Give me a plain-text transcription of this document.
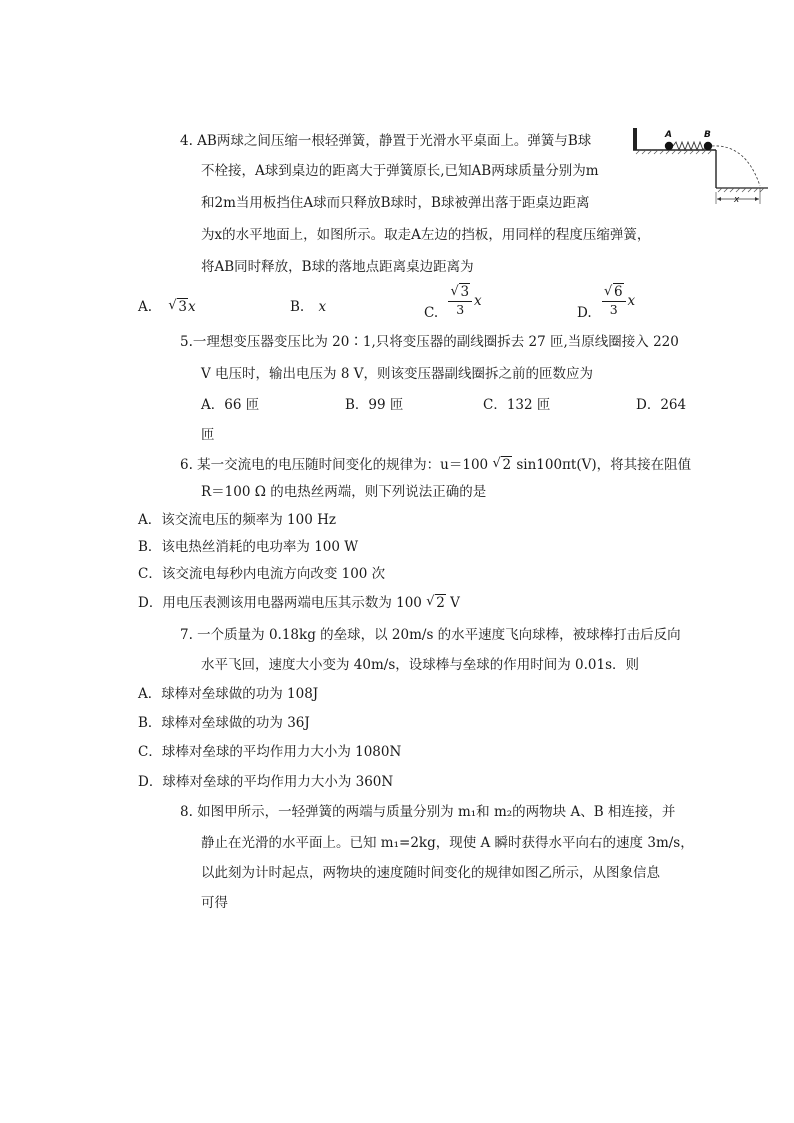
4. AB两球之间压缩一根轻弹簧，静置于光滑水平桌面上。弹簧与B球
不栓接，A球到桌边的距离大于弹簧原长,已知AB两球质量分别为m
和2m当用板挡住A球而只释放B球时，B球被弹出落于距桌边距离
为x的水平地面上，如图所示。取走A左边的挡板，用同样的程度压缩弹簧，
将AB同时释放，B球的落地点距离桌边距离为
A	B
x
A. √ 3x	B. x	C. √ $\frac{3}{3}$ x
D. √ $\frac{6}{3}$ x
5.一理想变压器变压比为 20∶1,只将变压器的副线圈拆去 27 匝,当原线圈接入 220
V 电压时，输出电压为 8 V，则该变压器副线圈拆之前的匝数应为
A．66 匝	B．99 匝	C．132 匝	D．264
匝
6. 某一交流电的电压随时间变化的规律为：u＝100 √ 2 sin100πt(V)，将其接在阻值
R＝100 Ω 的电热丝两端，则下列说法正确的是
A．该交流电压的频率为 100 Hz
B．该电热丝消耗的电功率为 100 W
C．该交流电每秒内电流方向改变 100 次
D．用电压表测该用电器两端电压其示数为 100 √ 2 V
7. 一个质量为 0.18kg 的垒球，以 20m/s 的水平速度飞向球棒，被球棒打击后反向
水平飞回，速度大小变为 40m/s，设球棒与垒球的作用时间为 0.01s．则
A．球棒对垒球做的功为 108J
B．球棒对垒球做的功为 36J
C．球棒对垒球的平均作用力大小为 1080N
D．球棒对垒球的平均作用力大小为 360N
8. 如图甲所示，一轻弹簧的两端与质量分别为 m₁和 m₂的两物块 A、B 相连接，并
静止在光滑的水平面上。已知 m₁=2kg，现使 A 瞬时获得水平向右的速度 3m/s，
以此刻为计时起点，两物块的速度随时间变化的规律如图乙所示，从图象信息
可得
